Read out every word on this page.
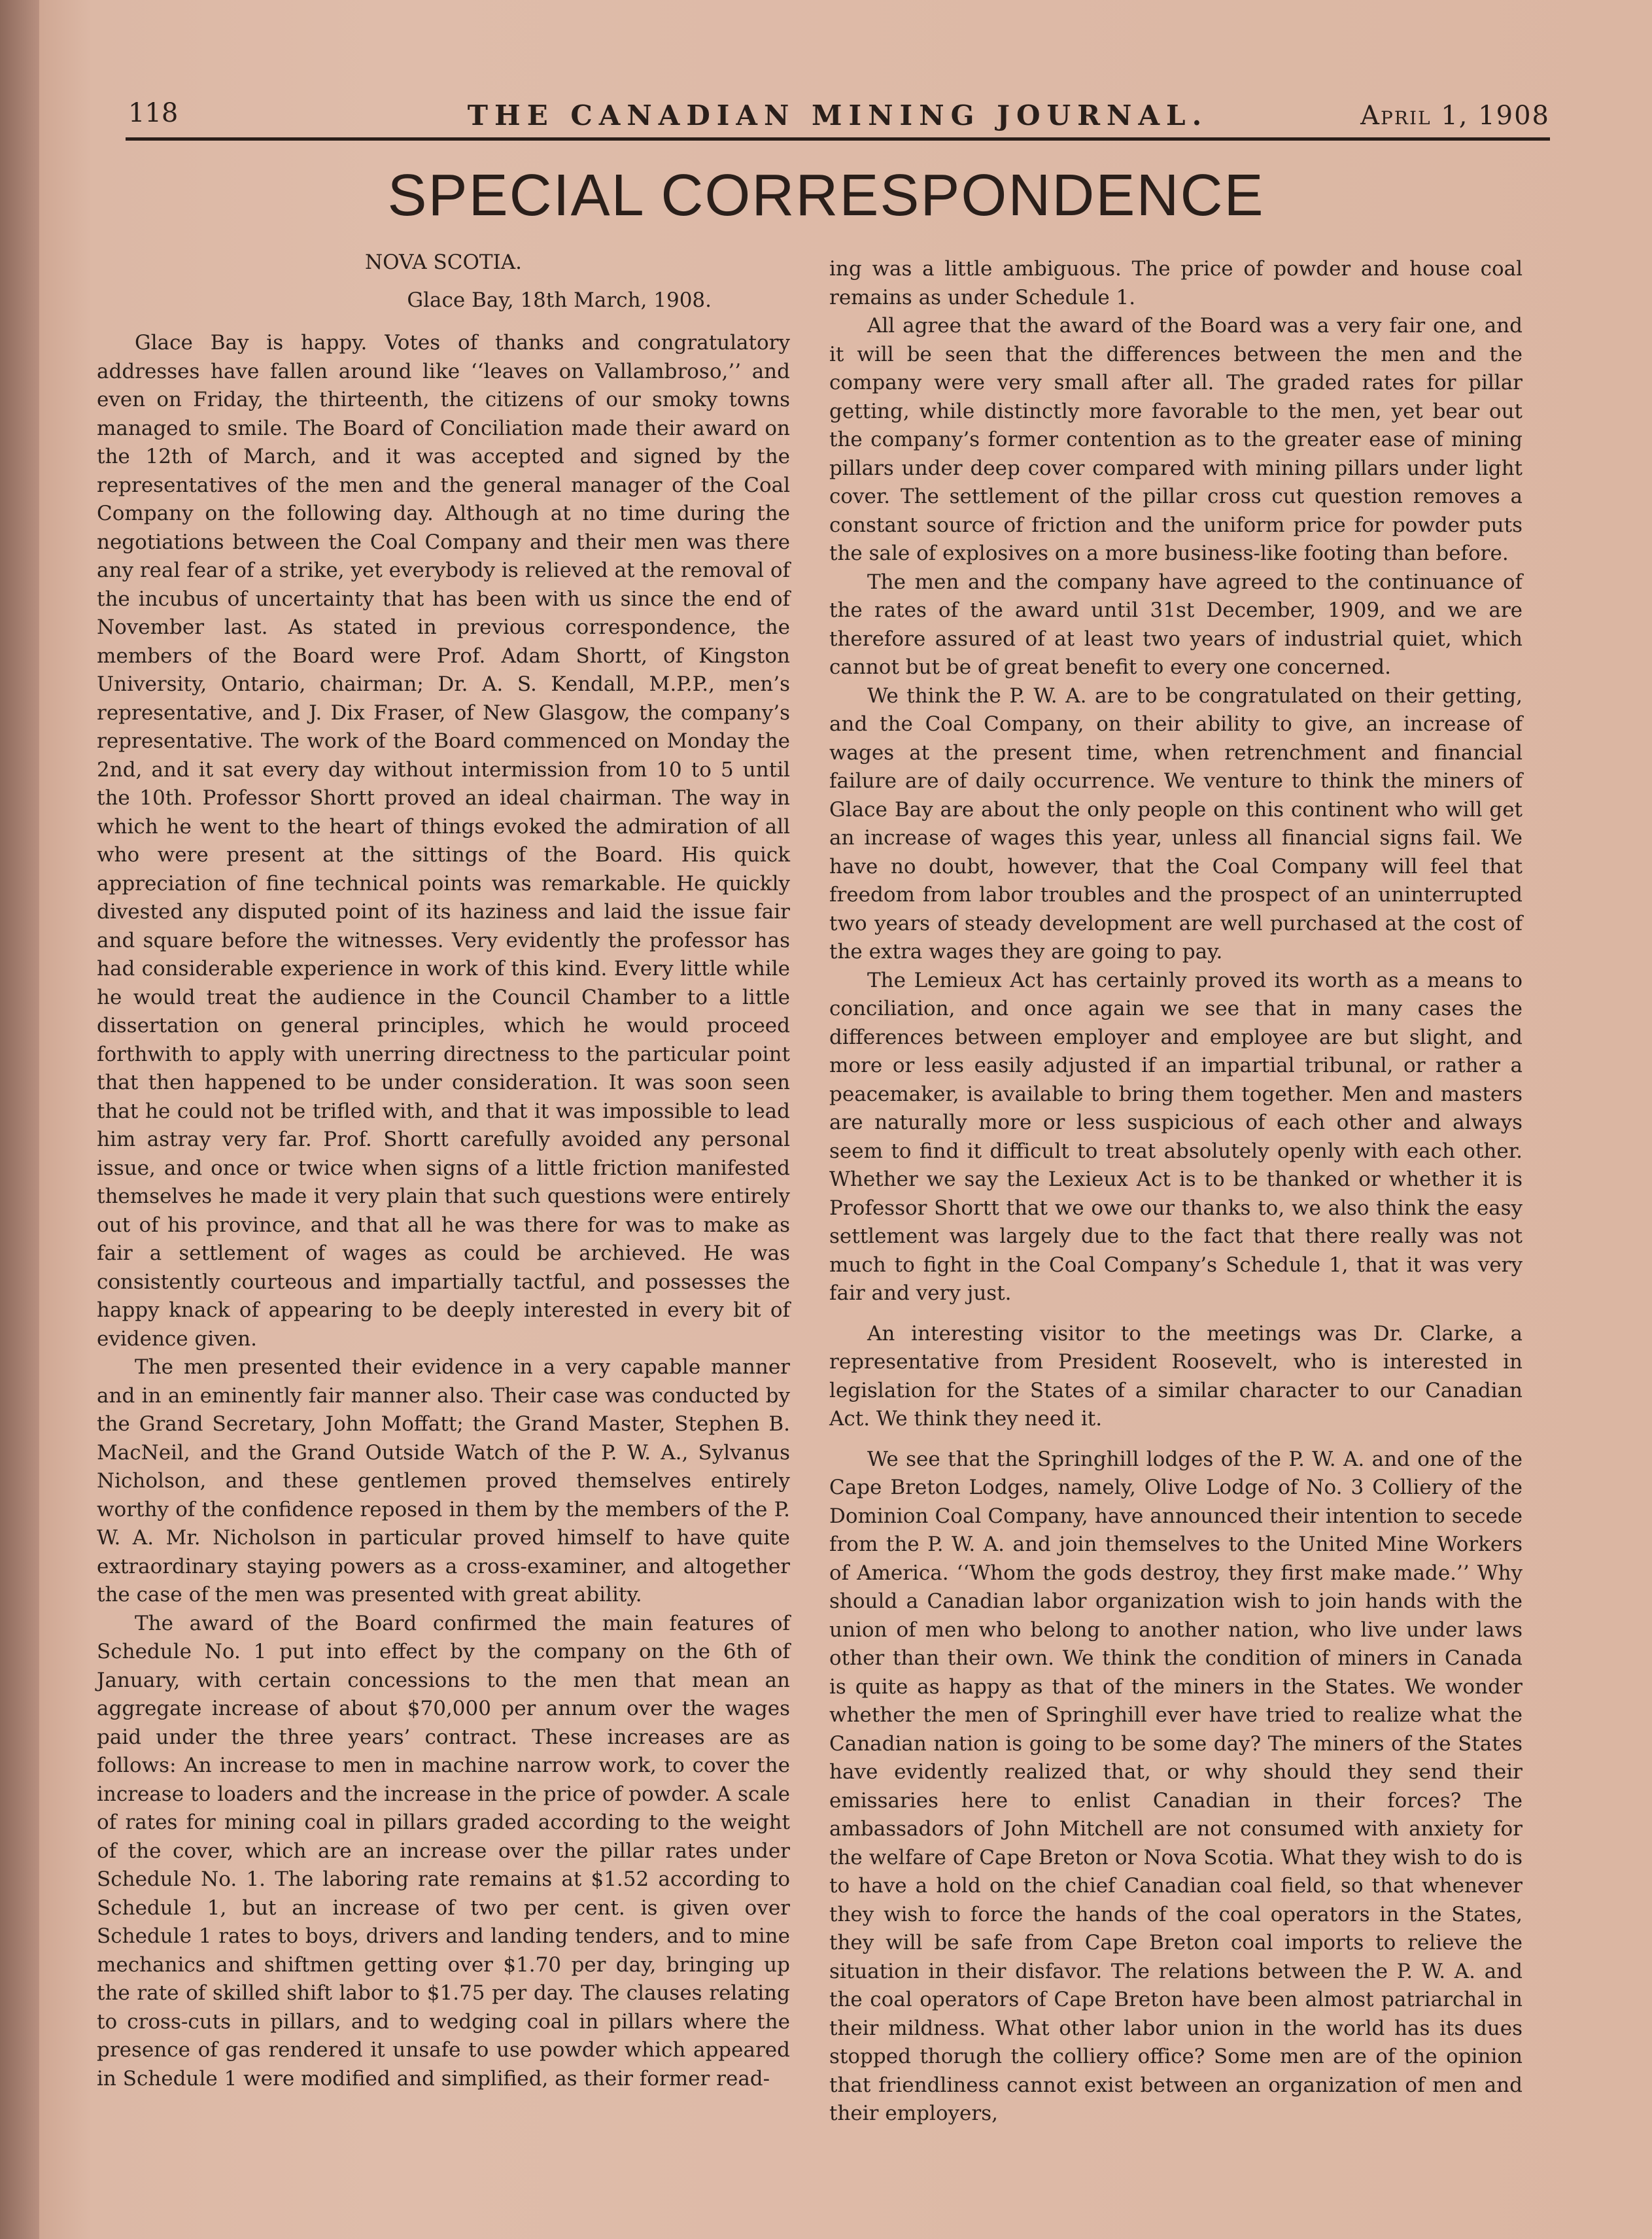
118	THE CANADIAN MINING JOURNAL.	April 1, 1908
SPECIAL CORRESPONDENCE

NOVA SCOTIA.

Glace Bay, 18th March, 1908.

Glace Bay is happy. Votes of thanks and congratulatory addresses have fallen around like ‘‘leaves on Vallambroso,’’ and even on Friday, the thirteenth, the citizens of our smoky towns managed to smile. The Board of Conciliation made their award on the 12th of March, and it was accepted and signed by the representatives of the men and the general manager of the Coal Company on the following day. Although at no time during the negotiations between the Coal Company and their men was there any real fear of a strike, yet everybody is relieved at the removal of the incubus of uncertainty that has been with us since the end of November last. As stated in previous correspondence, the members of the Board were Prof. Adam Shortt, of Kingston University, Ontario, chairman; Dr. A. S. Kendall, M.P.P., men’s representative, and J. Dix Fraser, of New Glasgow, the company’s representative. The work of the Board commenced on Monday the 2nd, and it sat every day without intermission from 10 to 5 until the 10th. Professor Shortt proved an ideal chairman. The way in which he went to the heart of things evoked the admiration of all who were present at the sittings of the Board. His quick appreciation of fine technical points was remarkable. He quickly divested any disputed point of its haziness and laid the issue fair and square before the witnesses. Very evidently the professor has had considerable experience in work of this kind. Every little while he would treat the audience in the Council Chamber to a little dissertation on general principles, which he would proceed forthwith to apply with unerring directness to the particular point that then happened to be under consideration. It was soon seen that he could not be trifled with, and that it was impossible to lead him astray very far. Prof. Shortt carefully avoided any personal issue, and once or twice when signs of a little friction manifested themselves he made it very plain that such questions were entirely out of his province, and that all he was there for was to make as fair a settlement of wages as could be archieved. He was consistently courteous and impartially tactful, and possesses the happy knack of appearing to be deeply interested in every bit of evidence given.

The men presented their evidence in a very capable manner and in an eminently fair manner also. Their case was conducted by the Grand Secretary, John Moffatt; the Grand Master, Stephen B. MacNeil, and the Grand Outside Watch of the P. W. A., Sylvanus Nicholson, and these gentlemen proved themselves entirely worthy of the confidence reposed in them by the members of the P. W. A. Mr. Nicholson in particular proved himself to have quite extraordinary staying powers as a cross-examiner, and altogether the case of the men was presented with great ability.

The award of the Board confirmed the main features of Schedule No. 1 put into effect by the company on the 6th of January, with certain concessions to the men that mean an aggregate increase of about $70,000 per annum over the wages paid under the three years’ contract. These increases are as follows: An increase to men in machine narrow work, to cover the increase to loaders and the increase in the price of powder. A scale of rates for mining coal in pillars graded according to the weight of the cover, which are an increase over the pillar rates under Schedule No. 1. The laboring rate remains at $1.52 according to Schedule 1, but an increase of two per cent. is given over Schedule 1 rates to boys, drivers and landing tenders, and to mine mechanics and shiftmen getting over $1.70 per day, bringing up the rate of skilled shift labor to $1.75 per day. The clauses relating to cross-cuts in pillars, and to wedging coal in pillars where the presence of gas rendered it unsafe to use powder which appeared in Schedule 1 were modified and simplified, as their former read-

ing was a little ambiguous. The price of powder and house coal remains as under Schedule 1.

All agree that the award of the Board was a very fair one, and it will be seen that the differences between the men and the company were very small after all. The graded rates for pillar getting, while distinctly more favorable to the men, yet bear out the company’s former contention as to the greater ease of mining pillars under deep cover compared with mining pillars under light cover. The settlement of the pillar cross cut question removes a constant source of friction and the uniform price for powder puts the sale of explosives on a more business-like footing than before.

The men and the company have agreed to the continuance of the rates of the award until 31st December, 1909, and we are therefore assured of at least two years of industrial quiet, which cannot but be of great benefit to every one concerned.

We think the P. W. A. are to be congratulated on their getting, and the Coal Company, on their ability to give, an increase of wages at the present time, when retrenchment and financial failure are of daily occurrence. We venture to think the miners of Glace Bay are about the only people on this continent who will get an increase of wages this year, unless all financial signs fail. We have no doubt, however, that the Coal Company will feel that freedom from labor troubles and the prospect of an uninterrupted two years of steady development are well purchased at the cost of the extra wages they are going to pay.

The Lemieux Act has certainly proved its worth as a means to conciliation, and once again we see that in many cases the differences between employer and employee are but slight, and more or less easily adjusted if an impartial tribunal, or rather a peacemaker, is available to bring them together. Men and masters are naturally more or less suspicious of each other and always seem to find it difficult to treat absolutely openly with each other. Whether we say the Lexieux Act is to be thanked or whether it is Professor Shortt that we owe our thanks to, we also think the easy settlement was largely due to the fact that there really was not much to fight in the Coal Company’s Schedule 1, that it was very fair and very just.

An interesting visitor to the meetings was Dr. Clarke, a representative from President Roosevelt, who is interested in legislation for the States of a similar character to our Canadian Act. We think they need it.

We see that the Springhill lodges of the P. W. A. and one of the Cape Breton Lodges, namely, Olive Lodge of No. 3 Colliery of the Dominion Coal Company, have announced their intention to secede from the P. W. A. and join themselves to the United Mine Workers of America. ‘‘Whom the gods destroy, they first make made.’’ Why should a Canadian labor organization wish to join hands with the union of men who belong to another nation, who live under laws other than their own. We think the condition of miners in Canada is quite as happy as that of the miners in the States. We wonder whether the men of Springhill ever have tried to realize what the Canadian nation is going to be some day? The miners of the States have evidently realized that, or why should they send their emissaries here to enlist Canadian in their forces? The ambassadors of John Mitchell are not consumed with anxiety for the welfare of Cape Breton or Nova Scotia. What they wish to do is to have a hold on the chief Canadian coal field, so that whenever they wish to force the hands of the coal operators in the States, they will be safe from Cape Breton coal imports to relieve the situation in their disfavor. The relations between the P. W. A. and the coal operators of Cape Breton have been almost patriarchal in their mildness. What other labor union in the world has its dues stopped thorugh the colliery office? Some men are of the opinion that friendliness cannot exist between an organization of men and their employers,
